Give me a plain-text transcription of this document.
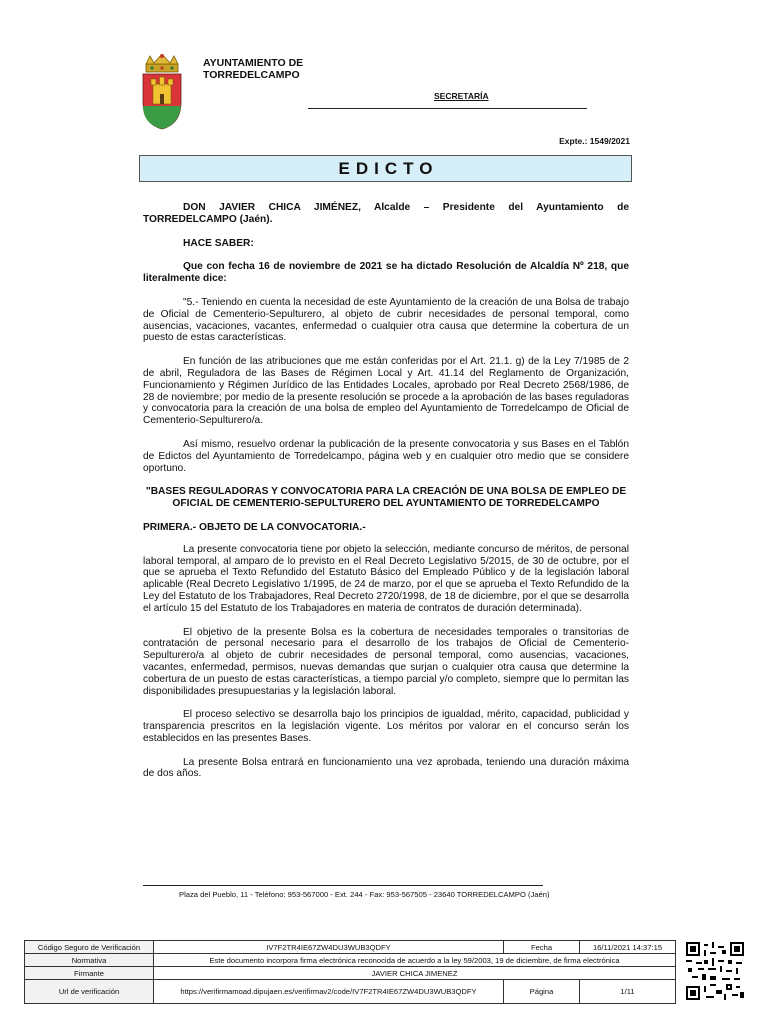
AYUNTAMIENTO DE
TORREDELCAMPO
SECRETARÍA
Expte.: 1549/2021
EDICTO

DON JAVIER CHICA JIMÉNEZ, Alcalde – Presidente del Ayuntamiento de TORREDELCAMPO (Jaén).

HACE SABER:

Que con fecha 16 de noviembre de 2021 se ha dictado Resolución de Alcaldía Nº 218, que literalmente dice:

"5.- Teniendo en cuenta la necesidad de este Ayuntamiento de la creación de una Bolsa de trabajo de Oficial de Cementerio-Sepulturero, al objeto de cubrir necesidades de personal temporal, como ausencias, vacaciones, vacantes, enfermedad o cualquier otra causa que determine la cobertura de un puesto de estas características.

En función de las atribuciones que me están conferidas por el Art. 21.1. g) de la Ley 7/1985 de 2 de abril, Reguladora de las Bases de Régimen Local y Art. 41.14 del Reglamento de Organización, Funcionamiento y Régimen Jurídico de las Entidades Locales, aprobado por Real Decreto 2568/1986, de 28 de noviembre; por medio de la presente resolución se procede a la aprobación de las bases reguladoras y convocatoria para la creación de una bolsa de empleo del Ayuntamiento de Torredelcampo de Oficial de Cementerio-Sepulturero/a.

Así mismo, resuelvo ordenar la publicación de la presente convocatoria y sus Bases en el Tablón de Edictos del Ayuntamiento de Torredelcampo, página web y en cualquier otro medio que se considere oportuno.

"BASES REGULADORAS Y CONVOCATORIA PARA LA CREACIÓN DE UNA BOLSA DE EMPLEO DE OFICIAL DE CEMENTERIO-SEPULTURERO DEL AYUNTAMIENTO DE TORREDELCAMPO

PRIMERA.- OBJETO DE LA CONVOCATORIA.-

La presente convocatoria tiene por objeto la selección, mediante concurso de méritos, de personal laboral temporal, al amparo de lo previsto en el Real Decreto Legislativo 5/2015, de 30 de octubre, por el que se aprueba el Texto Refundido del Estatuto Básico del Empleado Público y de la legislación laboral aplicable (Real Decreto Legislativo 1/1995, de 24 de marzo, por el que se aprueba el Texto Refundido de la Ley del Estatuto de los Trabajadores, Real Decreto 2720/1998, de 18 de diciembre, por el que se desarrolla el artículo 15 del Estatuto de los Trabajadores en materia de contratos de duración determinada).

El objetivo de la presente Bolsa es la cobertura de necesidades temporales o transitorias de contratación de personal necesario para el desarrollo de los trabajos de Oficial de Cementerio-Sepulturero/a al objeto de cubrir necesidades de personal temporal, como ausencias, vacaciones, vacantes, enfermedad, permisos, nuevas demandas que surjan o cualquier otra causa que determine la cobertura de un puesto de estas características, a tiempo parcial y/o completo, siempre que lo permitan las disponibilidades presupuestarias y la legislación laboral.

El proceso selectivo se desarrolla bajo los principios de igualdad, mérito, capacidad, publicidad y transparencia prescritos en la legislación vigente. Los méritos por valorar en el concurso serán los establecidos en las presentes Bases.

La presente Bolsa entrará en funcionamiento una vez aprobada, teniendo una duración máxima de dos años.

Plaza del Pueblo, 11 - Teléfono: 953-567000 - Ext. 244 - Fax: 953-567505 - 23640 TORREDELCAMPO (Jaén)
Código Seguro de Verificación	IV7F2TR4IE67ZW4DU3WUB3QDFY	Fecha	16/11/2021 14:37:15
Normativa	Este documento incorpora firma electrónica reconocida de acuerdo a la ley 59/2003, 19 de diciembre, de firma electrónica		
Firmante	JAVIER CHICA JIMENEZ		
Url de verificación	https://verifirmamoad.dipujaen.es/verifirmav2/code/IV7F2TR4IE67ZW4DU3WUB3QDFY	Página	1/11
